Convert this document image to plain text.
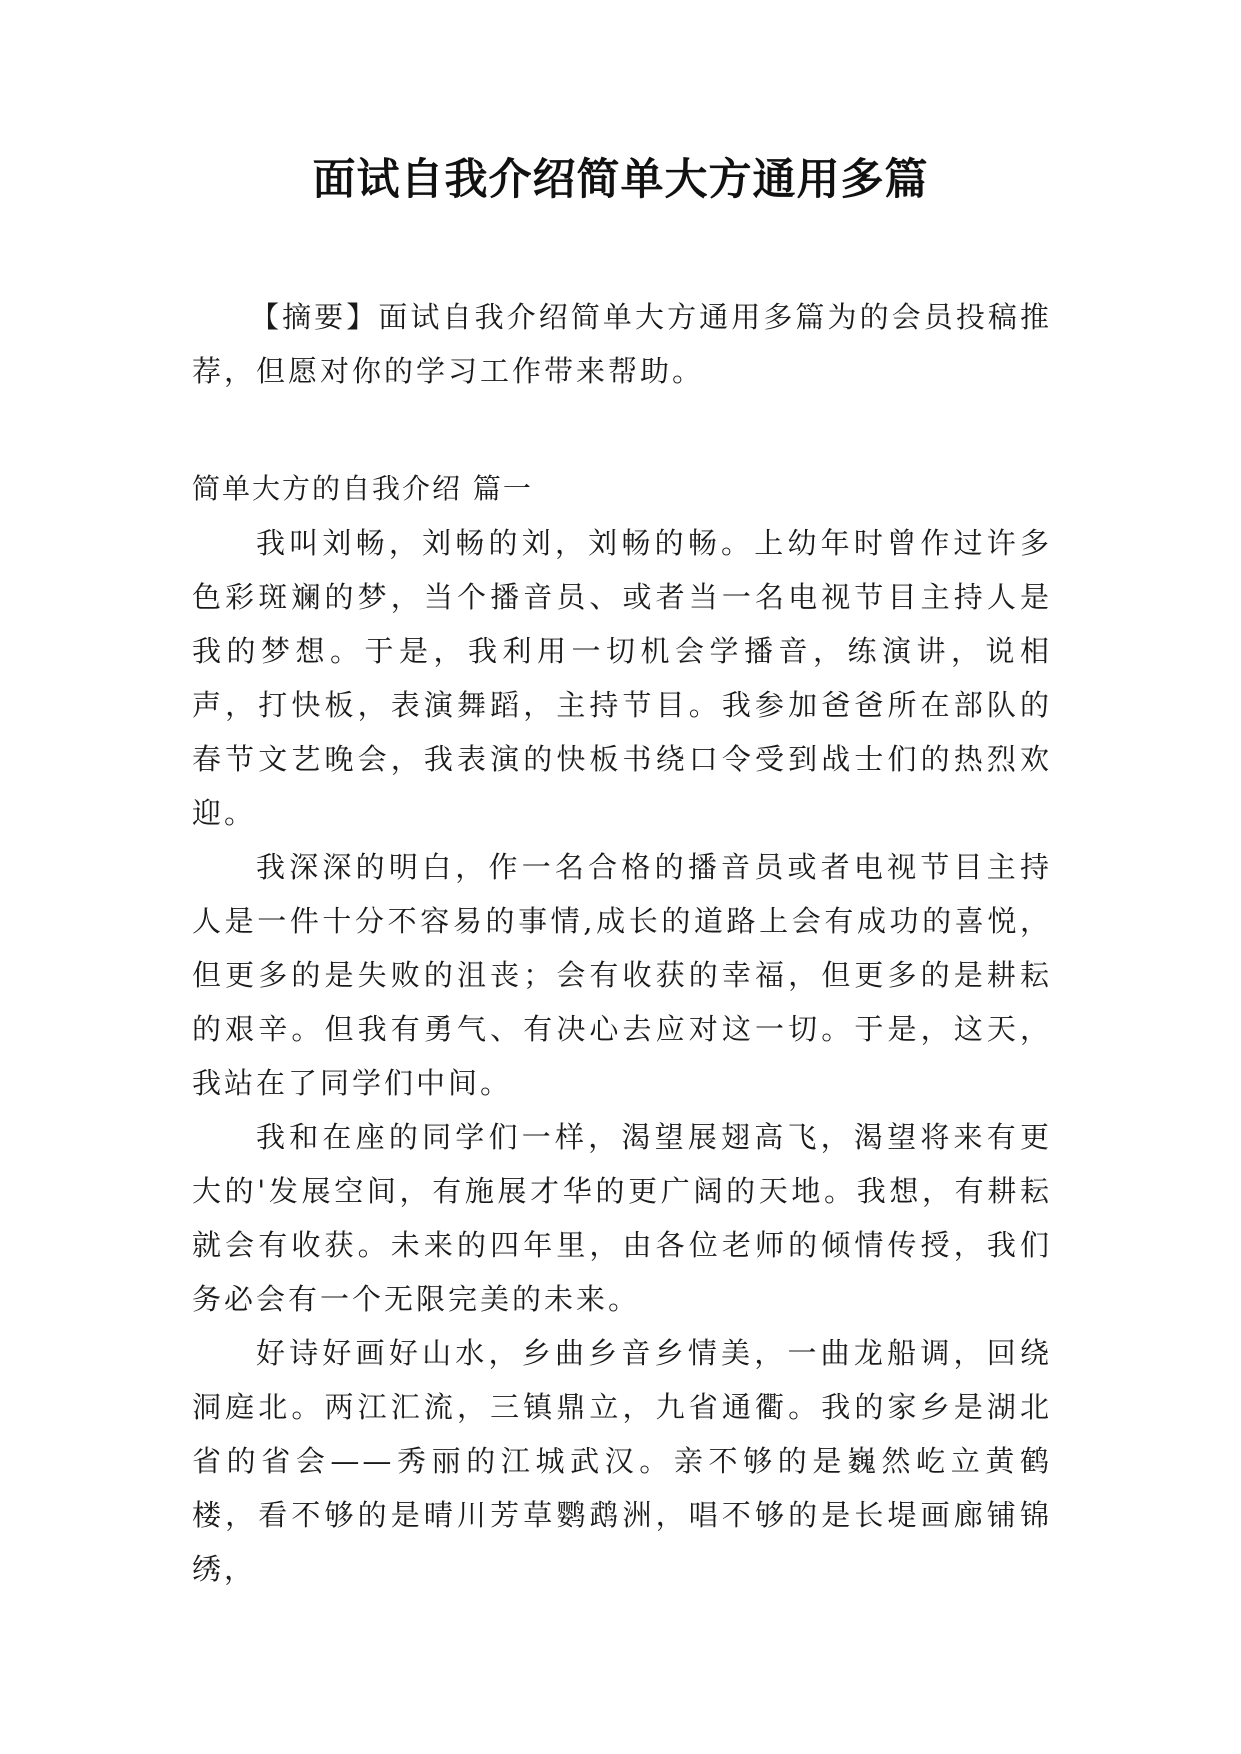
面试自我介绍简单大方通用多篇

【摘要】面试自我介绍简单大方通用多篇为的会员投稿推荐，但愿对你的学习工作带来帮助。

简单大方的自我介绍 篇一

我叫刘畅，刘畅的刘，刘畅的畅。上幼年时曾作过许多色彩斑斓的梦，当个播音员、或者当一名电视节目主持人是我的梦想。于是，我利用一切机会学播音，练演讲，说相声，打快板，表演舞蹈，主持节目。我参加爸爸所在部队的春节文艺晚会，我表演的快板书绕口令受到战士们的热烈欢迎。

我深深的明白，作一名合格的播音员或者电视节目主持人是一件十分不容易的事情,成长的道路上会有成功的喜悦，但更多的是失败的沮丧；会有收获的幸福，但更多的是耕耘的艰辛。但我有勇气、有决心去应对这一切。于是，这天，我站在了同学们中间。

我和在座的同学们一样，渴望展翅高飞，渴望将来有更大的'发展空间，有施展才华的更广阔的天地。我想，有耕耘就会有收获。未来的四年里，由各位老师的倾情传授，我们务必会有一个无限完美的未来。

好诗好画好山水，乡曲乡音乡情美，一曲龙船调，回绕洞庭北。两江汇流，三镇鼎立，九省通衢。我的家乡是湖北省的省会——秀丽的江城武汉。亲不够的是巍然屹立黄鹤楼，看不够的是晴川芳草鹦鹉洲，唱不够的是长堤画廊铺锦绣，
